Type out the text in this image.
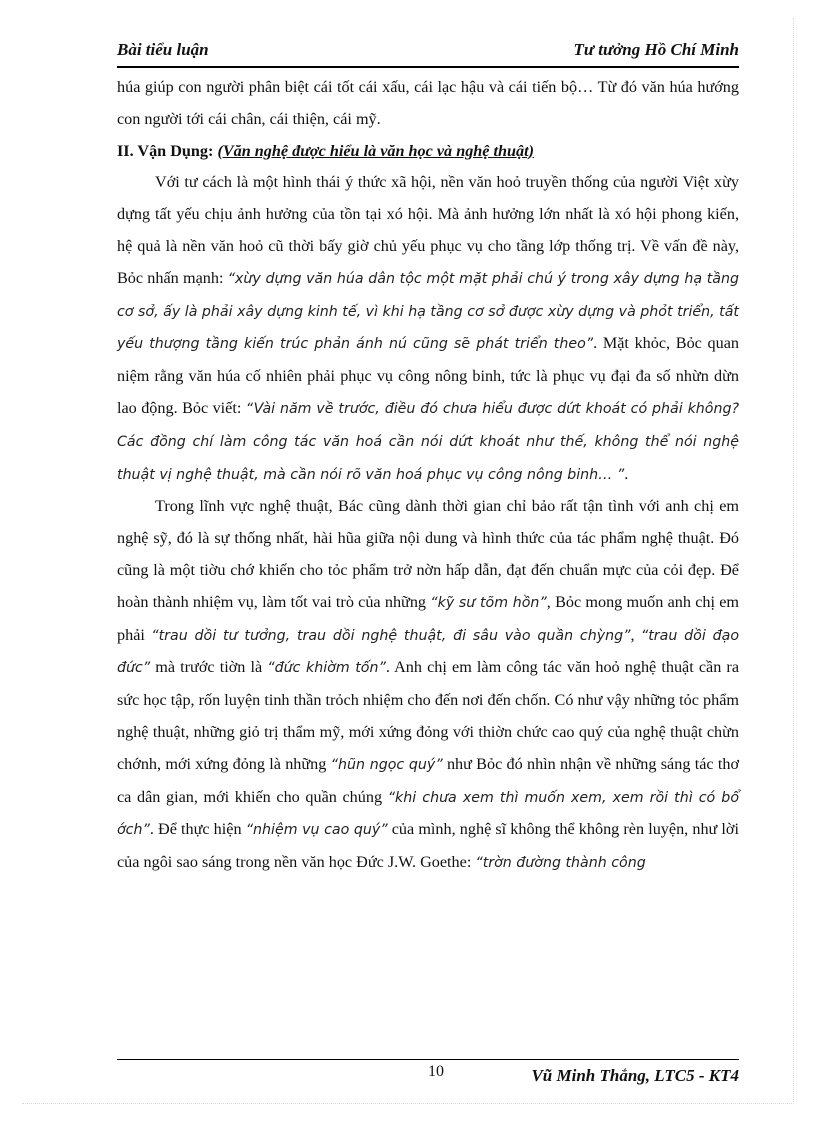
Bài tiểu luận	Tư tưởng Hồ Chí Minh

húa giúp con người phân biệt cái tốt cái xấu, cái lạc hậu và cái tiến bộ… Từ đó văn húa hướng con người tới cái chân, cái thiện, cái mỹ.

II. Vận Dụng: (Văn nghệ được hiểu là văn học và nghệ thuật)

Với tư cách là một hình thái ý thức xã hội, nền văn hoỏ truyền thống của người Việt xừy dựng tất yếu chịu ảnh hưởng của tồn tại xó hội. Mà ảnh hưởng lớn nhất là xó hội phong kiến, hệ quả là nền văn hoỏ cũ thời bấy giờ chủ yếu phục vụ cho tầng lớp thống trị. Về vấn đề này, Bỏc nhấn mạnh: “xừy dựng văn húa dân tộc một mặt phải chú ý trong xây dựng hạ tầng cơ sở, ấy là phải xây dựng kinh tế, vì khi hạ tầng cơ sở được xừy dựng và phỏt triển, tất yếu thượng tầng kiến trúc phản ánh nú cũng sẽ phát triển theo”. Mặt khỏc, Bỏc quan niệm rằng văn húa cố nhiên phải phục vụ công nông binh, tức là phục vụ đại đa số nhừn dừn lao động. Bỏc viết: “Vài năm về trước, điều đó chưa hiểu được dứt khoát có phải không? Các đồng chí làm công tác văn hoá cần nói dứt khoát như thế, không thể nói nghệ thuật vị nghệ thuật, mà cần nói rõ văn hoá phục vụ công nông binh… ”.

Trong lĩnh vực nghệ thuật, Bác cũng dành thời gian chỉ bảo rất tận tình với anh chị em nghệ sỹ, đó là sự thống nhất, hài hũa giữa nội dung và hình thức của tác phẩm nghệ thuật. Đó cũng là một tiờu chớ khiến cho tỏc phẩm trở nờn hấp dẫn, đạt đến chuẩn mực của cỏi đẹp. Để hoàn thành nhiệm vụ, làm tốt vai trò của những “kỹ sư tõm hồn”, Bỏc mong muốn anh chị em phải “trau dồi tư tưởng, trau dồi nghệ thuật, đi sâu vào quần chỳng”, “trau dồi đạo đức” mà trước tiờn là “đức khiờm tốn”. Anh chị em làm công tác văn hoỏ nghệ thuật cần ra sức học tập, rốn luyện tinh thần trỏch nhiệm cho đến nơi đến chốn. Có như vậy những tỏc phẩm nghệ thuật, những giỏ trị thẩm mỹ, mới xứng đỏng với thiờn chức cao quý của nghệ thuật chừn chớnh, mới xứng đỏng là những “hũn ngọc quý” như Bỏc đó nhìn nhận về những sáng tác thơ ca dân gian, mới khiến cho quần chúng “khi chưa xem thì muốn xem, xem rồi thì có bổ ớch”. Để thực hiện “nhiệm vụ cao quý” của mình, nghệ sĩ không thể không rèn luyện, như lời của ngôi sao sáng trong nền văn học Đức J.W. Goethe: “trờn đường thành công

10	Vũ Minh Thắng, LTC5 - KT4
